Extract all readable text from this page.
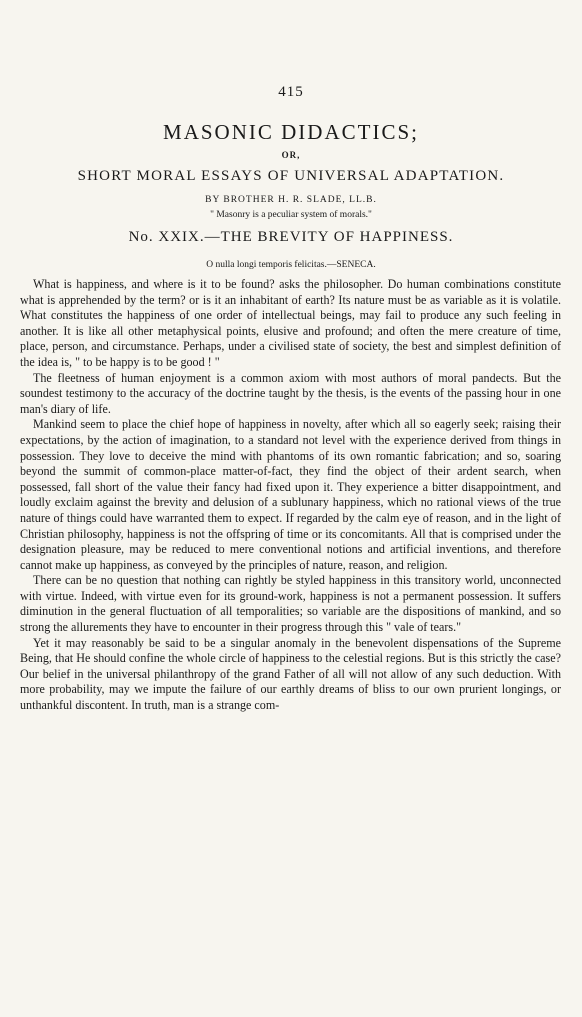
415
MASONIC DIDACTICS;
OR,
SHORT MORAL ESSAYS OF UNIVERSAL ADAPTATION.
BY BROTHER H. R. SLADE, LL.B.
" Masonry is a peculiar system of morals."
No. XXIX.—THE BREVITY OF HAPPINESS.
O nulla longi temporis felicitas.—SENECA.

What is happiness, and where is it to be found? asks the philosopher. Do human combinations constitute what is apprehended by the term? or is it an inhabitant of earth? Its nature must be as variable as it is volatile. What constitutes the happiness of one order of intellectual beings, may fail to produce any such feeling in another. It is like all other metaphysical points, elusive and profound; and often the mere creature of time, place, person, and circumstance. Perhaps, under a civilised state of society, the best and simplest definition of the idea is, " to be happy is to be good ! "

The fleetness of human enjoyment is a common axiom with most authors of moral pandects. But the soundest testimony to the accuracy of the doctrine taught by the thesis, is the events of the passing hour in one man's diary of life.

Mankind seem to place the chief hope of happiness in novelty, after which all so eagerly seek; raising their expectations, by the action of imagination, to a standard not level with the experience derived from things in possession. They love to deceive the mind with phantoms of its own romantic fabrication; and so, soaring beyond the summit of common-place matter-of-fact, they find the object of their ardent search, when possessed, fall short of the value their fancy had fixed upon it. They experience a bitter disappointment, and loudly exclaim against the brevity and delusion of a sublunary happiness, which no rational views of the true nature of things could have warranted them to expect. If regarded by the calm eye of reason, and in the light of Christian philosophy, happiness is not the offspring of time or its concomitants. All that is comprised under the designation pleasure, may be reduced to mere conventional notions and artificial inventions, and therefore cannot make up happiness, as conveyed by the principles of nature, reason, and religion.

There can be no question that nothing can rightly be styled happiness in this transitory world, unconnected with virtue. Indeed, with virtue even for its ground-work, happiness is not a permanent possession. It suffers diminution in the general fluctuation of all temporalities; so variable are the dispositions of mankind, and so strong the allurements they have to encounter in their progress through this " vale of tears."

Yet it may reasonably be said to be a singular anomaly in the benevolent dispensations of the Supreme Being, that He should confine the whole circle of happiness to the celestial regions. But is this strictly the case? Our belief in the universal philanthropy of the grand Father of all will not allow of any such deduction. With more probability, may we impute the failure of our earthly dreams of bliss to our own prurient longings, or unthankful discontent. In truth, man is a strange com-
